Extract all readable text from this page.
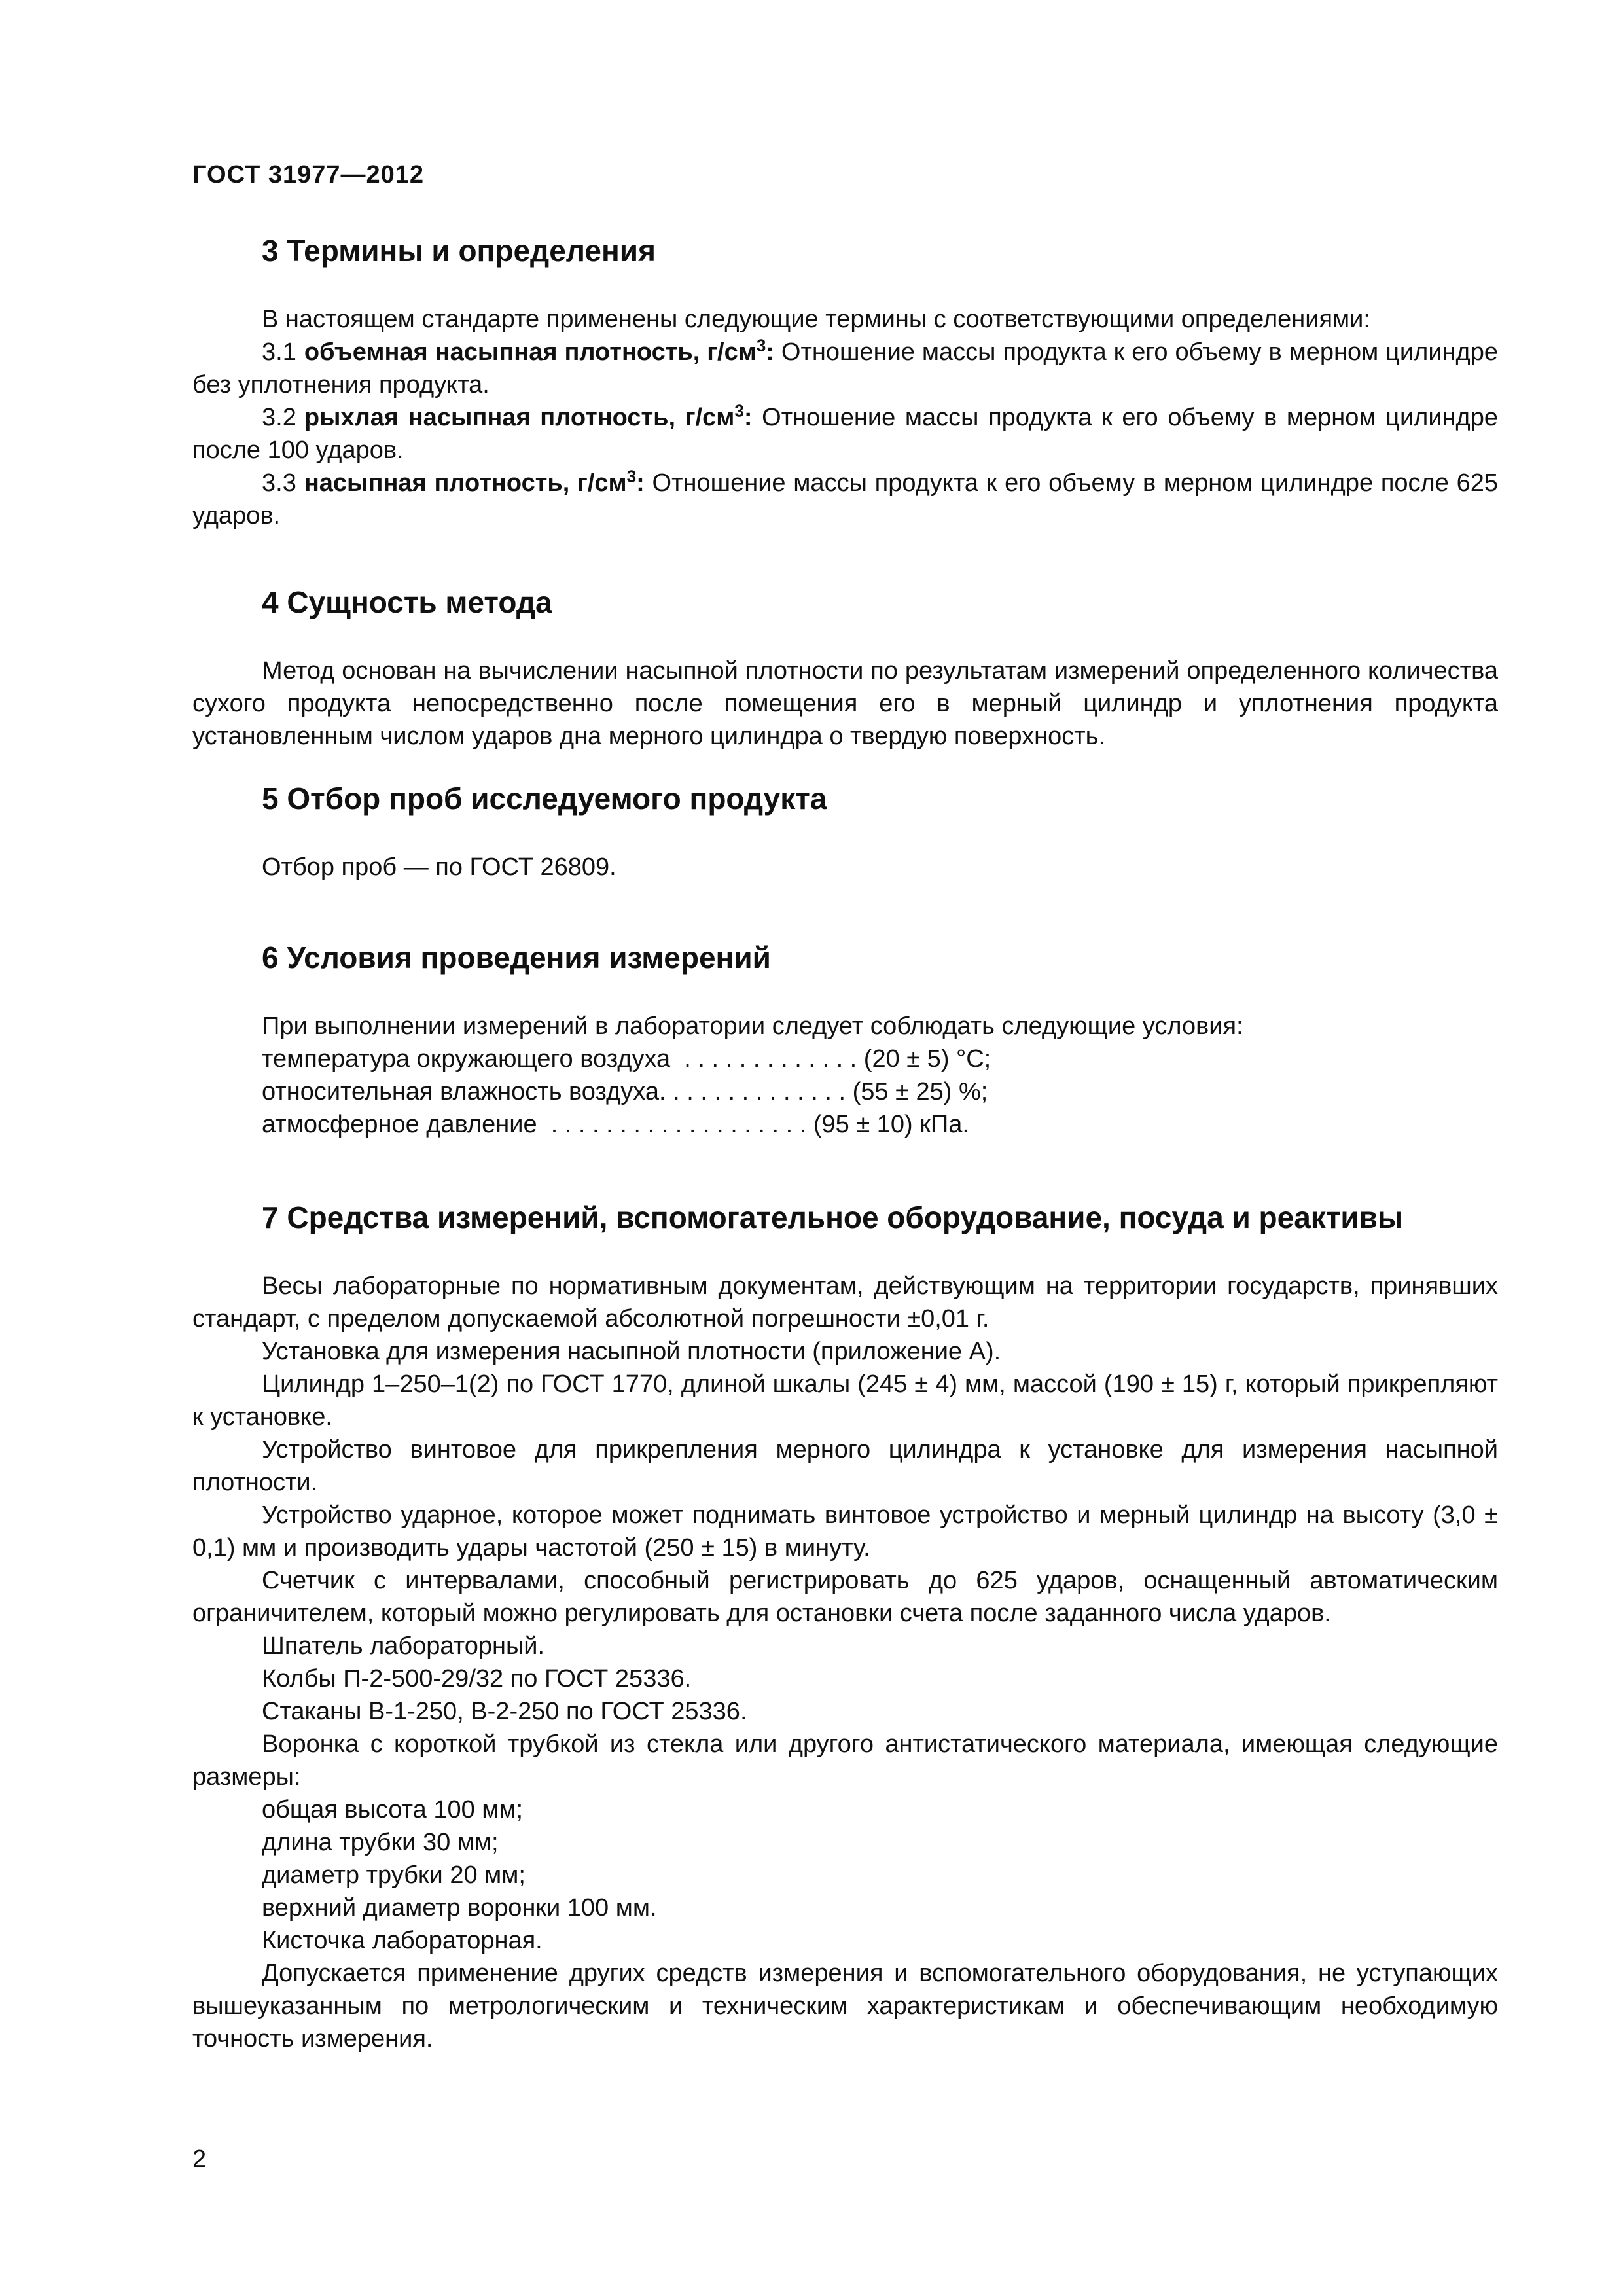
ГОСТ 31977—2012
3 Термины и определения

В настоящем стандарте применены следующие термины с соответствующими определениями:

3.1 объемная насыпная плотность, $г/см^3$: Отношение массы продукта к его объему в мерном цилиндре без уплотнения продукта.

3.2 рыхлая насыпная плотность, $г/см^3$: Отношение массы продукта к его объему в мерном цилиндре после 100 ударов.

3.3 насыпная плотность, $г/см^3$: Отношение массы продукта к его объему в мерном цилиндре после 625 ударов.

4 Сущность метода

Метод основан на вычислении насыпной плотности по результатам измерений определенного количества сухого продукта непосредственно после помещения его в мерный цилиндр и уплотнения продукта установленным числом ударов дна мерного цилиндра о твердую поверхность.

5 Отбор проб исследуемого продукта

Отбор проб — по ГОСТ 26809.

6 Условия проведения измерений

При выполнении измерений в лаборатории следует соблюдать следующие условия:

температура окружающего воздуха  . . . . . . . . . . . . . (20 ± 5) °С;
относительная влажность воздуха. . . . . . . . . . . . . . (55 ± 25) %;
атмосферное давление  . . . . . . . . . . . . . . . . . . . (95 ± 10) кПа.
7 Средства измерений, вспомогательное оборудование, посуда и реактивы

Весы лабораторные по нормативным документам, действующим на территории государств, принявших стандарт, с пределом допускаемой абсолютной погрешности ±0,01 г.

Установка для измерения насыпной плотности (приложение А).

Цилиндр 1–250–1(2) по ГОСТ 1770, длиной шкалы (245 ± 4) мм, массой (190 ± 15) г, который прикрепляют к установке.

Устройство винтовое для прикрепления мерного цилиндра к установке для измерения насыпной плотности.

Устройство ударное, которое может поднимать винтовое устройство и мерный цилиндр на высоту (3,0 ± 0,1) мм и производить удары частотой (250 ± 15) в минуту.

Счетчик с интервалами, способный регистрировать до 625 ударов, оснащенный автоматическим ограничителем, который можно регулировать для остановки счета после заданного числа ударов.

Шпатель лабораторный.

Колбы П-2-500-29/32 по ГОСТ 25336.

Стаканы В-1-250, В-2-250 по ГОСТ 25336.

Воронка с короткой трубкой из стекла или другого антистатического материала, имеющая следующие размеры:

общая высота 100 мм;

длина трубки 30 мм;

диаметр трубки 20 мм;

верхний диаметр воронки 100 мм.

Кисточка лабораторная.

Допускается применение других средств измерения и вспомогательного оборудования, не уступающих вышеуказанным по метрологическим и техническим характеристикам и обеспечивающим необходимую точность измерения.

2
